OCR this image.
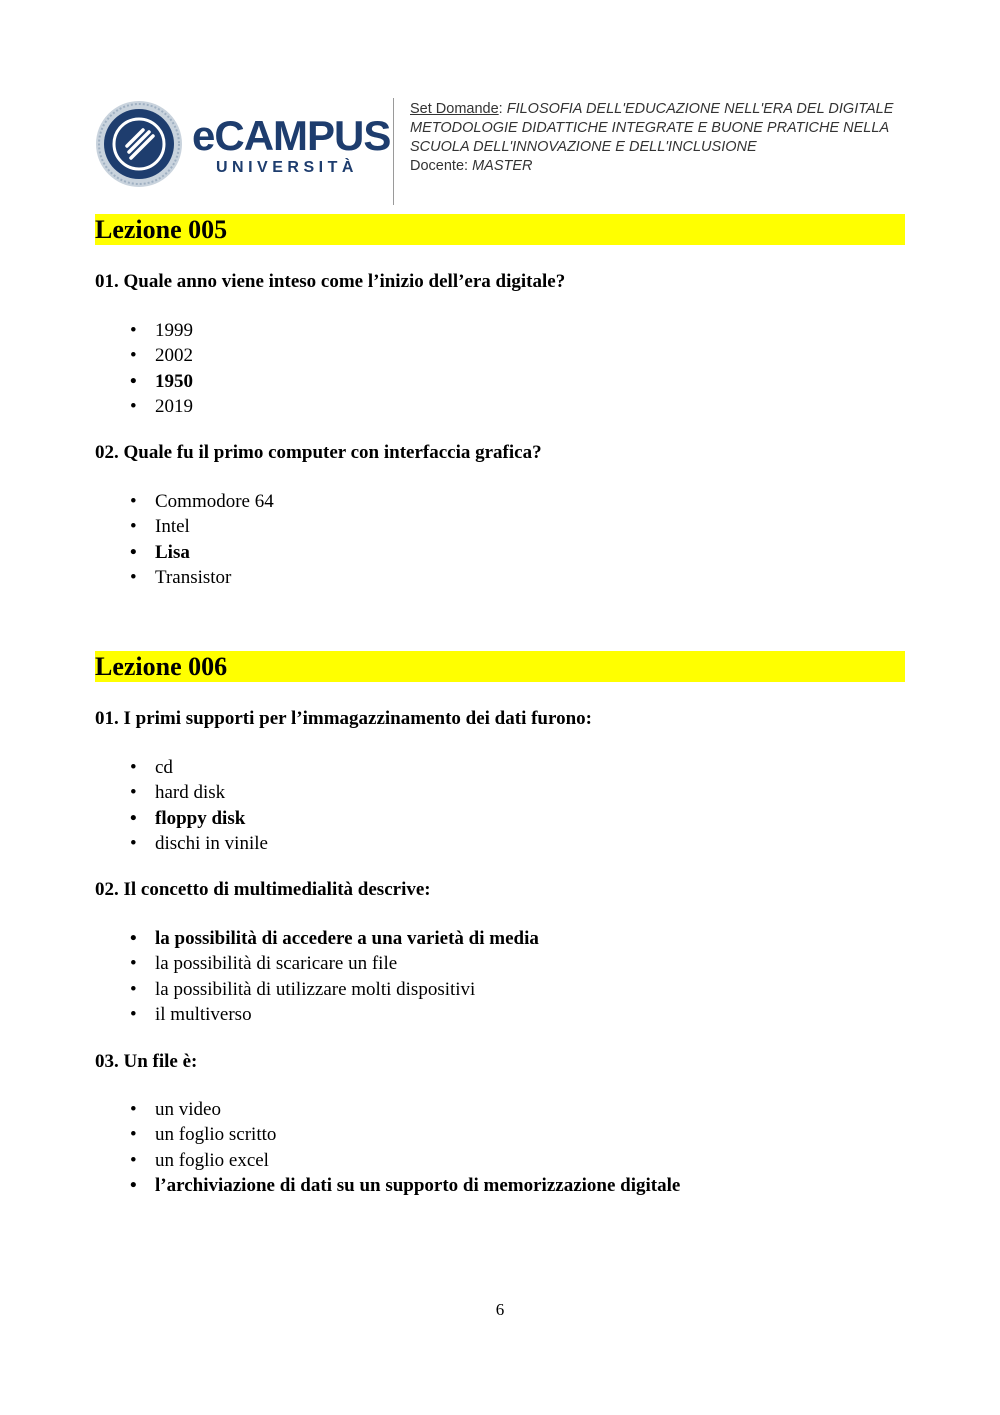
eCAMPUS
UNIVERSITÀ

Set Domande: FILOSOFIA DELL'EDUCAZIONE NELL'ERA DEL DIGITALE

METODOLOGIE DIDATTICHE INTEGRATE E BUONE PRATICHE NELLA SCUOLA DELL'INNOVAZIONE E DELL'INCLUSIONE

Docente: MASTER

Lezione 005
01. Quale anno viene inteso come l’inizio dell’era digitale?
• 1999
• 2002
• 1950
• 2019
02. Quale fu il primo computer con interfaccia grafica?
• Commodore 64
• Intel
• Lisa
• Transistor
Lezione 006
01. I primi supporti per l’immagazzinamento dei dati furono:
• cd
• hard disk
• floppy disk
• dischi in vinile
02. Il concetto di multimedialità descrive:
• la possibilità di accedere a una varietà di media
• la possibilità di scaricare un file
• la possibilità di utilizzare molti dispositivi
• il multiverso
03. Un file è:
• un video
• un foglio scritto
• un foglio excel
• l’archiviazione di dati su un supporto di memorizzazione digitale
6
